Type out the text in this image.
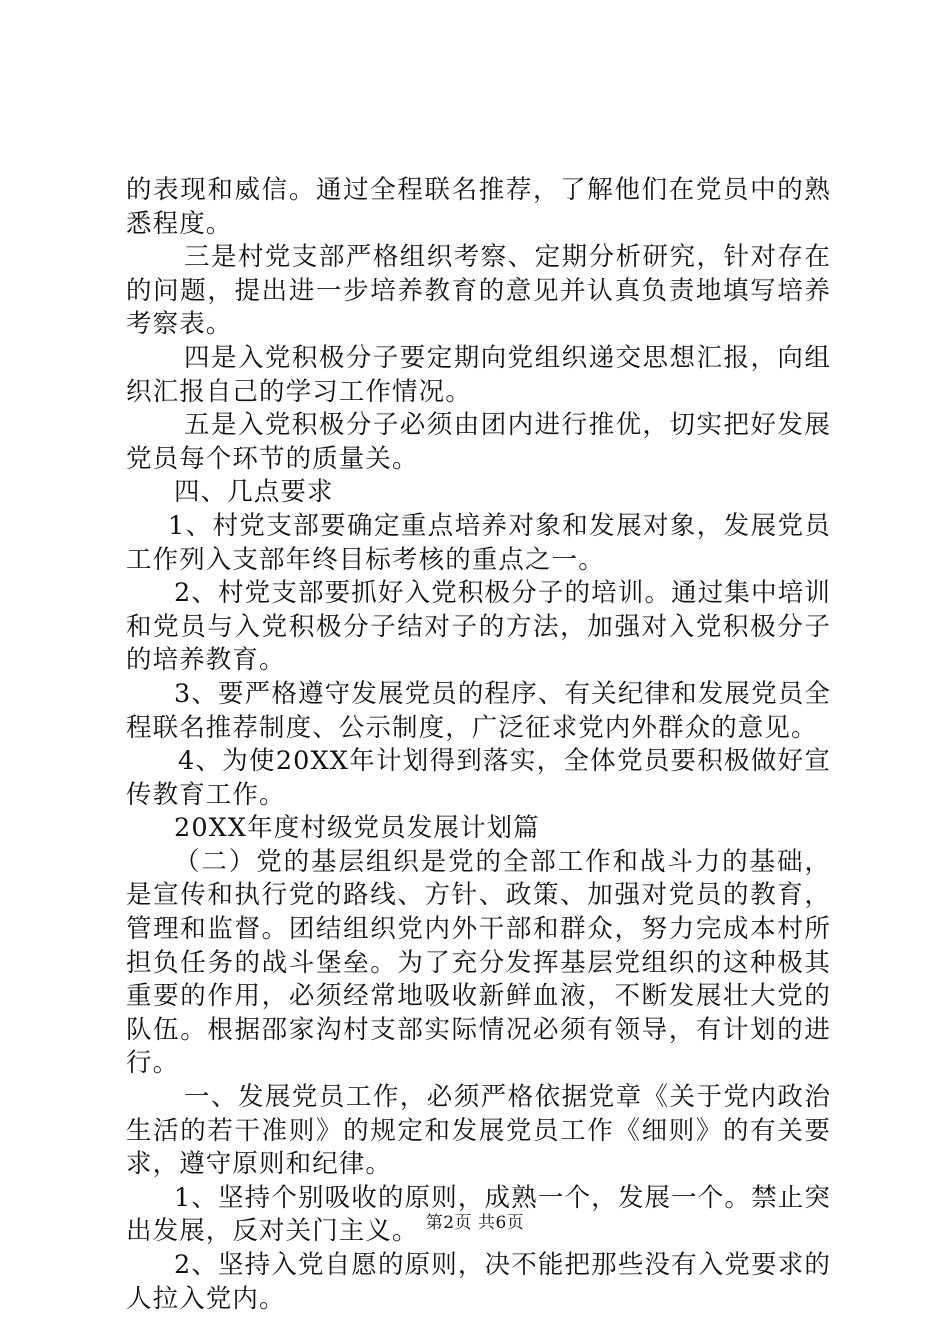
的表现和威信。通过全程联名推荐，了解他们在党员中的熟悉程度。

三是村党支部严格组织考察、定期分析研究，针对存在的问题，提出进一步培养教育的意见并认真负责地填写培养考察表。

四是入党积极分子要定期向党组织递交思想汇报，向组织汇报自己的学习工作情况。

五是入党积极分子必须由团内进行推优，切实把好发展党员每个环节的质量关。

四、几点要求

1、村党支部要确定重点培养对象和发展对象，发展党员工作列入支部年终目标考核的重点之一。

2、村党支部要抓好入党积极分子的培训。通过集中培训和党员与入党积极分子结对子的方法，加强对入党积极分子的培养教育。

3、要严格遵守发展党员的程序、有关纪律和发展党员全程联名推荐制度、公示制度，广泛征求党内外群众的意见。

4、为使20XX年计划得到落实，全体党员要积极做好宣传教育工作。

20XX年度村级党员发展计划篇

（二）党的基层组织是党的全部工作和战斗力的基础，是宣传和执行党的路线、方针、政策、加强对党员的教育，管理和监督。团结组织党内外干部和群众，努力完成本村所担负任务的战斗堡垒。为了充分发挥基层党组织的这种极其重要的作用，必须经常地吸收新鲜血液，不断发展壮大党的队伍。根据邵家沟村支部实际情况必须有领导，有计划的进行。

一、发展党员工作，必须严格依据党章《关于党内政治生活的若干准则》的规定和发展党员工作《细则》的有关要求，遵守原则和纪律。

1、坚持个别吸收的原则，成熟一个，发展一个。禁止突出发展，反对关门主义。

2、坚持入党自愿的原则，决不能把那些没有入党要求的人拉入党内。

第2页 共6页
